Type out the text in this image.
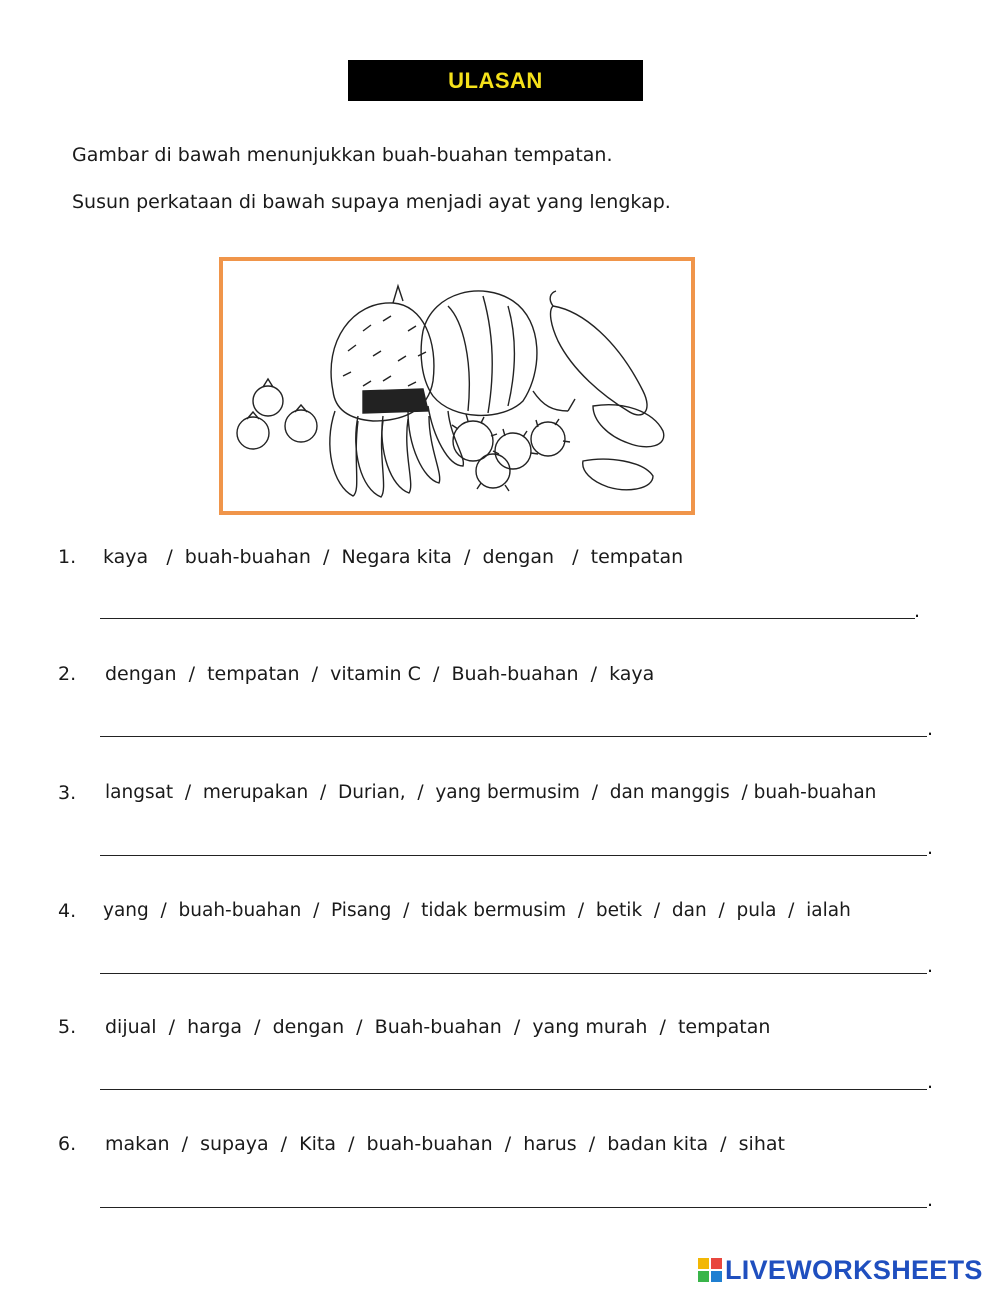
ULASAN
Gambar di bawah menunjukkan buah-buahan tempatan.
Susun perkataan di bawah supaya menjadi ayat yang lengkap.
1. kaya   /  buah-buahan  /  Negara kita  /  dengan   /  tempatan
.
2. dengan  /  tempatan  /  vitamin C  /  Buah-buahan  /  kaya
.
3. langsat  /  merupakan  /  Durian,  /  yang bermusim  /  dan manggis  / buah-buahan
.
4. yang  /  buah-buahan  /  Pisang  /  tidak bermusim  /  betik  /  dan  /  pula  /  ialah
.
5. dijual  /  harga  /  dengan  /  Buah-buahan  /  yang murah  /  tempatan
.
6. makan  /  supaya  /  Kita  /  buah-buahan  /  harus  /  badan kita  /  sihat
.
LIVEWORKSHEETS
